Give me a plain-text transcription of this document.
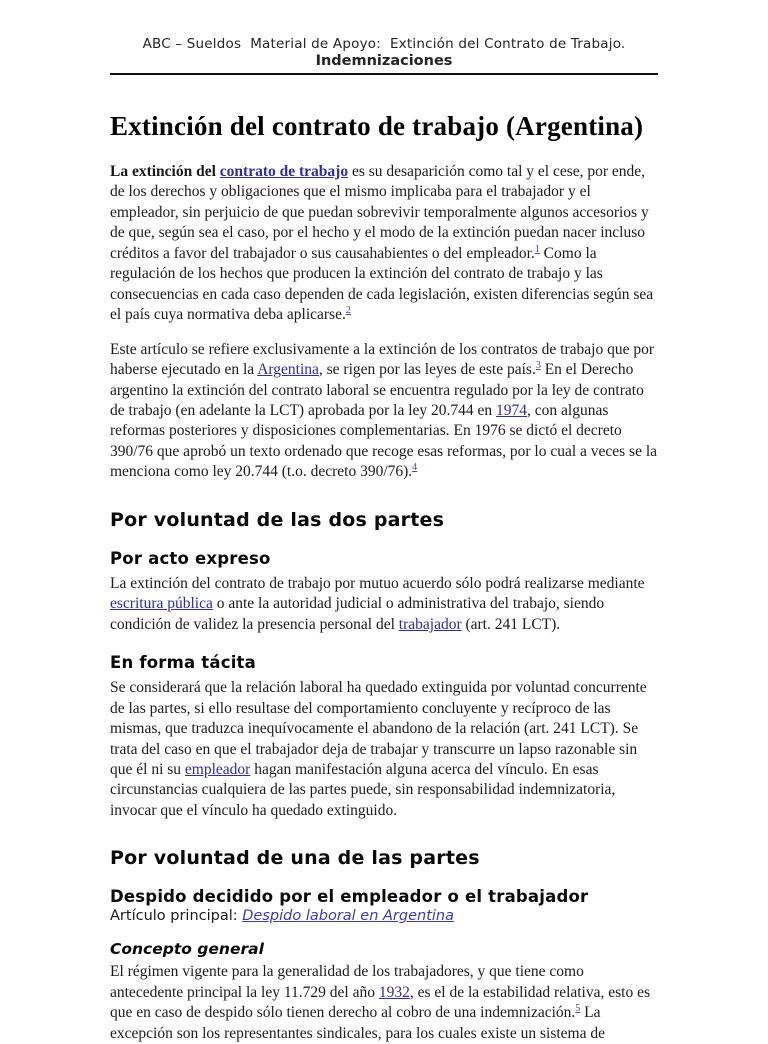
ABC – Sueldos  Material de Apoyo:  Extinción del Contrato de Trabajo.
Indemnizaciones
Extinción del contrato de trabajo (Argentina)

La extinción del contrato de trabajo es su desaparición como tal y el cese, por ende, de los derechos y obligaciones que el mismo implicaba para el trabajador y el empleador, sin perjuicio de que puedan sobrevivir temporalmente algunos accesorios y de que, según sea el caso, por el hecho y el modo de la extinción puedan nacer incluso créditos a favor del trabajador o sus causahabientes o del empleador.$^1$ Como la regulación de los hechos que producen la extinción del contrato de trabajo y las consecuencias en cada caso dependen de cada legislación, existen diferencias según sea el país cuya normativa deba aplicarse.$^2$

Este artículo se refiere exclusivamente a la extinción de los contratos de trabajo que por haberse ejecutado en la Argentina, se rigen por las leyes de este país.$^3$ En el Derecho argentino la extinción del contrato laboral se encuentra regulado por la ley de contrato de trabajo (en adelante la LCT) aprobada por la ley 20.744 en 1974, con algunas reformas posteriores y disposiciones complementarias. En 1976 se dictó el decreto 390/76 que aprobó un texto ordenado que recoge esas reformas, por lo cual a veces se la menciona como ley 20.744 (t.o. decreto 390/76).$^4$

Por voluntad de las dos partes
Por acto expreso

La extinción del contrato de trabajo por mutuo acuerdo sólo podrá realizarse mediante escritura pública o ante la autoridad judicial o administrativa del trabajo, siendo condición de validez la presencia personal del trabajador (art. 241 LCT).

En forma tácita

Se considerará que la relación laboral ha quedado extinguida por voluntad concurrente de las partes, si ello resultase del comportamiento concluyente y recíproco de las mismas, que traduzca inequívocamente el abandono de la relación (art. 241 LCT). Se trata del caso en que el trabajador deja de trabajar y transcurre un lapso razonable sin que él ni su empleador hagan manifestación alguna acerca del vínculo. En esas circunstancias cualquiera de las partes puede, sin responsabilidad indemnizatoria, invocar que el vínculo ha quedado extinguido.

Por voluntad de una de las partes
Despido decidido por el empleador o el trabajador
Artículo principal: Despido laboral en Argentina
Concepto general

El régimen vigente para la generalidad de los trabajadores, y que tiene como antecedente principal la ley 11.729 del año 1932, es el de la estabilidad relativa, esto es que en caso de despido sólo tienen derecho al cobro de una indemnización.$^5$ La excepción son los representantes sindicales, para los cuales existe un sistema de
